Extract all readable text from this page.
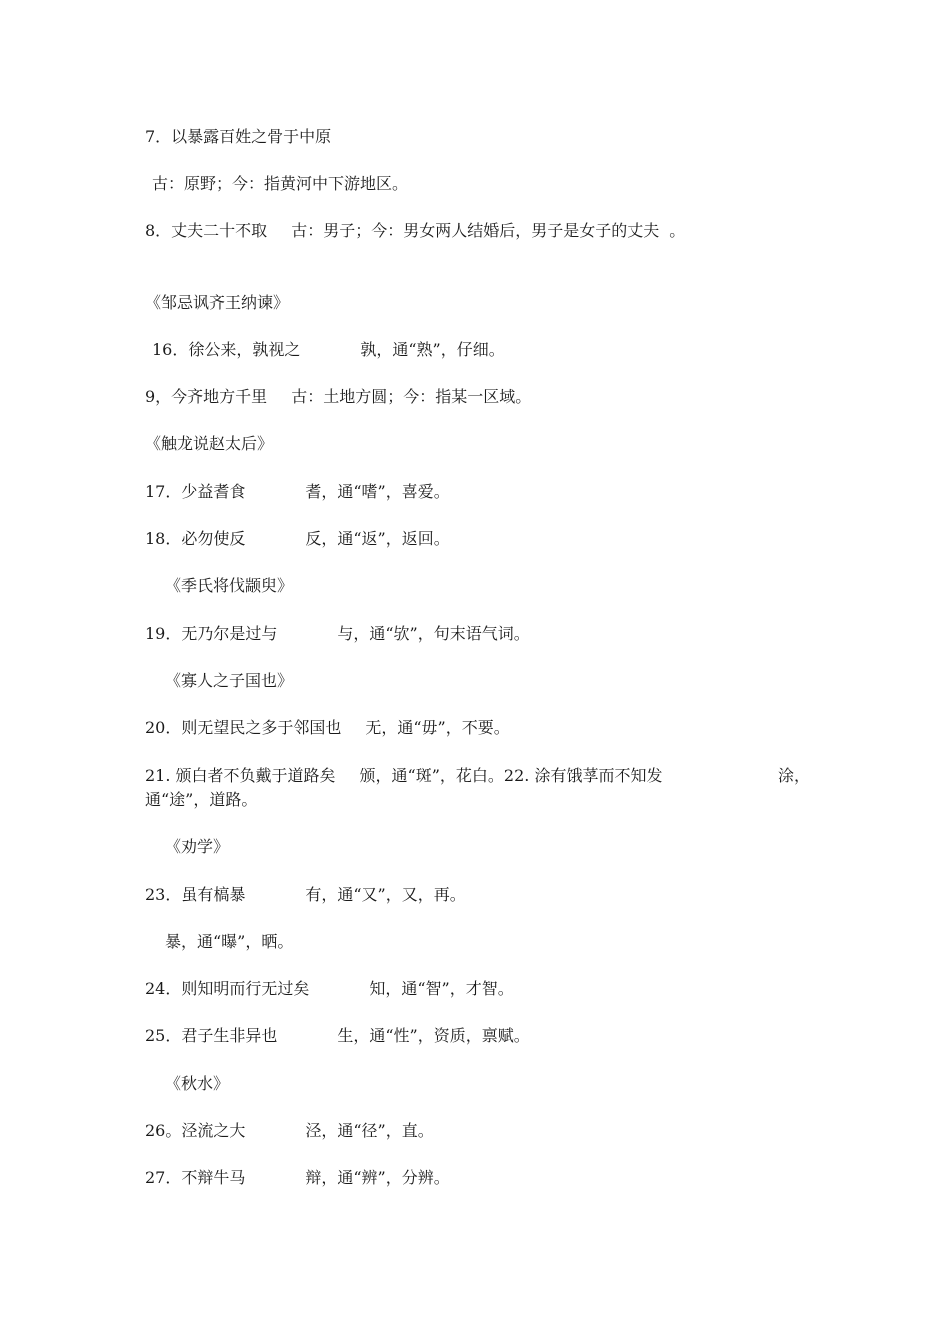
7．以暴露百姓之骨于中原
古：原野；今：指黄河中下游地区。
8．丈夫二十不取 古：男子；今：男女两人结婚后，男子是女子的丈夫 。
《邹忌讽齐王纳谏》
16．徐公来，孰视之	孰，通“熟”，仔细。
9，今齐地方千里 古：土地方圆；今：指某一区域。
《触龙说赵太后》
17．少益耆食	耆，通“嗜”，喜爱。
18．必勿使反	反，通“返”，返回。
《季氏将伐颛臾》
19．无乃尔是过与	与，通“欤”，句末语气词。
《寡人之子国也》
20．则无望民之多于邻国也 无，通“毋”，不要。
21. 颁白者不负戴于道路矣 颁，通“斑”，花白。22. 涂有饿莩而不知发	涂，
通“途”，道路。
《劝学》
23．虽有槁暴	有，通“又”，又，再。
暴，通“曝”，晒。
24．则知明而行无过矣	知，通“智”，才智。
25．君子生非异也	生，通“性”，资质，禀赋。
《秋水》
26。泾流之大	泾，通“径”，直。
27．不辩牛马	辩，通“辨”，分辨。
